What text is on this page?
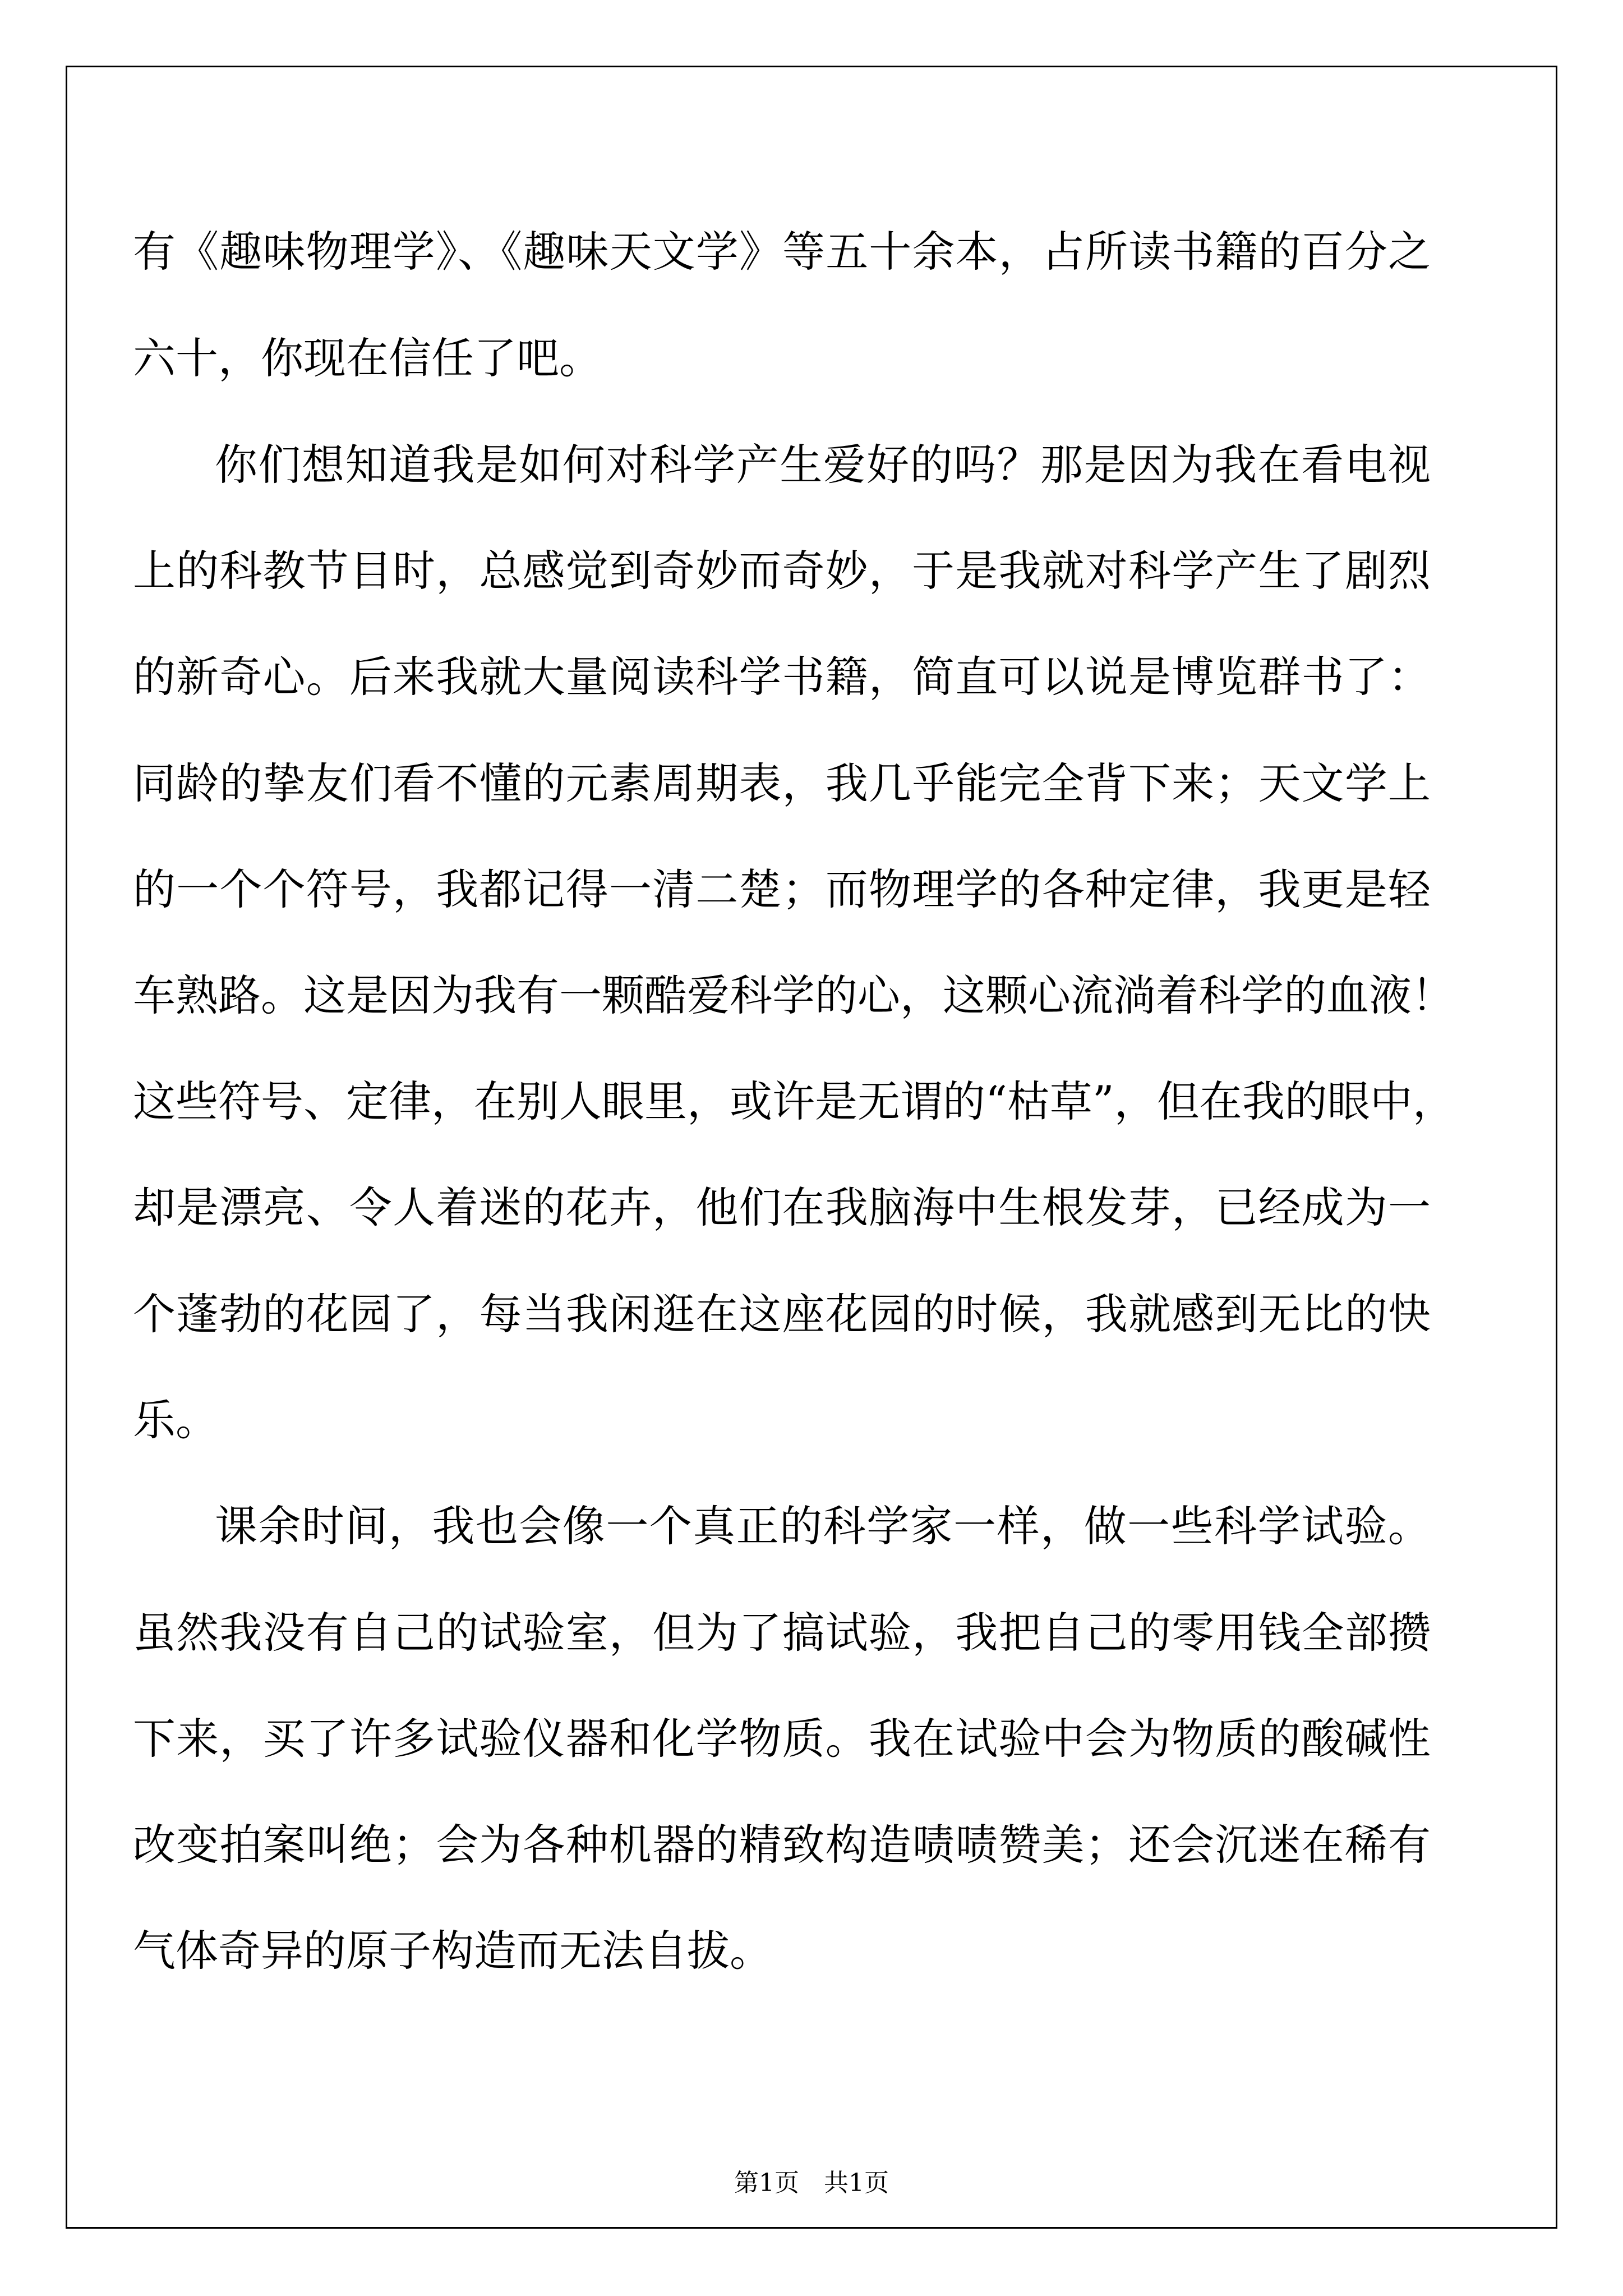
有《趣味物理学》、《趣味天文学》等五十余本，占所读书籍的百分之
六十，你现在信任了吧。
你们想知道我是如何对科学产生爱好的吗？那是因为我在看电视
上的科教节目时，总感觉到奇妙而奇妙，于是我就对科学产生了剧烈
的新奇心。后来我就大量阅读科学书籍，简直可以说是博览群书了：
同龄的挚友们看不懂的元素周期表，我几乎能完全背下来；天文学上
的一个个符号，我都记得一清二楚；而物理学的各种定律，我更是轻
车熟路。这是因为我有一颗酷爱科学的心，这颗心流淌着科学的血液！
这些符号、定律，在别人眼里，或许是无谓的“枯草”，但在我的眼中，
却是漂亮、令人着迷的花卉，他们在我脑海中生根发芽，已经成为一
个蓬勃的花园了，每当我闲逛在这座花园的时候，我就感到无比的快
乐。
课余时间，我也会像一个真正的科学家一样，做一些科学试验。
虽然我没有自己的试验室，但为了搞试验，我把自己的零用钱全部攒
下来，买了许多试验仪器和化学物质。我在试验中会为物质的酸碱性
改变拍案叫绝；会为各种机器的精致构造啧啧赞美；还会沉迷在稀有
气体奇异的原子构造而无法自拔。
第1页 共1页
